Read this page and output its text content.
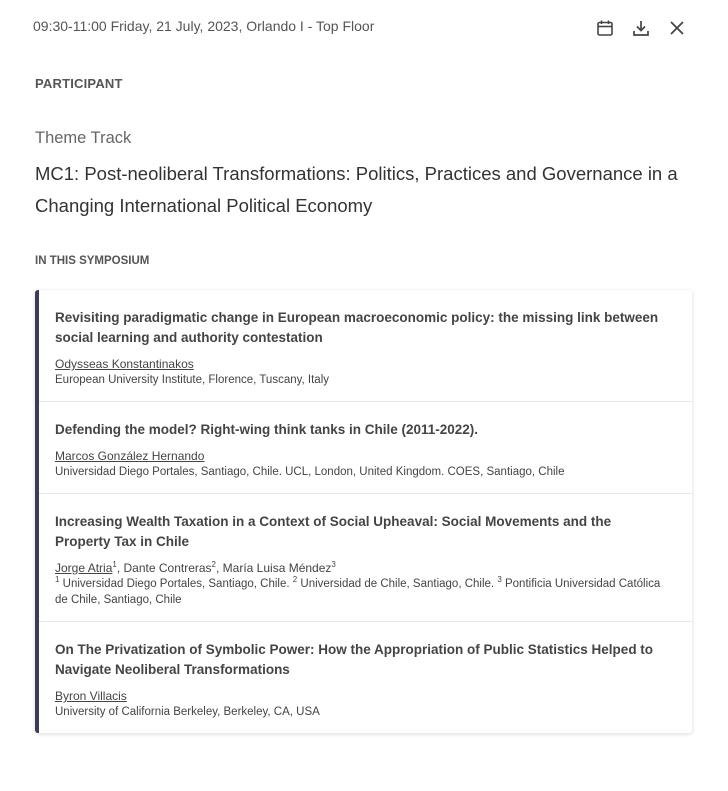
09:30-11:00 Friday, 21 July, 2023, Orlando I - Top Floor
PARTICIPANT
Theme Track
MC1: Post-neoliberal Transformations: Politics, Practices and Governance in a Changing International Political Economy
IN THIS SYMPOSIUM
Revisiting paradigmatic change in European macroeconomic policy: the missing link between social learning and authority contestation
Odysseas Konstantinakos
European University Institute, Florence, Tuscany, Italy
Defending the model? Right-wing think tanks in Chile (2011-2022).
Marcos González Hernando
Universidad Diego Portales, Santiago, Chile. UCL, London, United Kingdom. COES, Santiago, Chile
Increasing Wealth Taxation in a Context of Social Upheaval: Social Movements and the Property Tax in Chile
Jorge Atria$^1$, Dante Contreras$^2$, María Luisa Méndez$^3$
$^1$ Universidad Diego Portales, Santiago, Chile. $^2$ Universidad de Chile, Santiago, Chile. $^3$ Pontificia Universidad Católica de Chile, Santiago, Chile
On The Privatization of Symbolic Power: How the Appropriation of Public Statistics Helped to Navigate Neoliberal Transformations
Byron Villacis
University of California Berkeley, Berkeley, CA, USA
